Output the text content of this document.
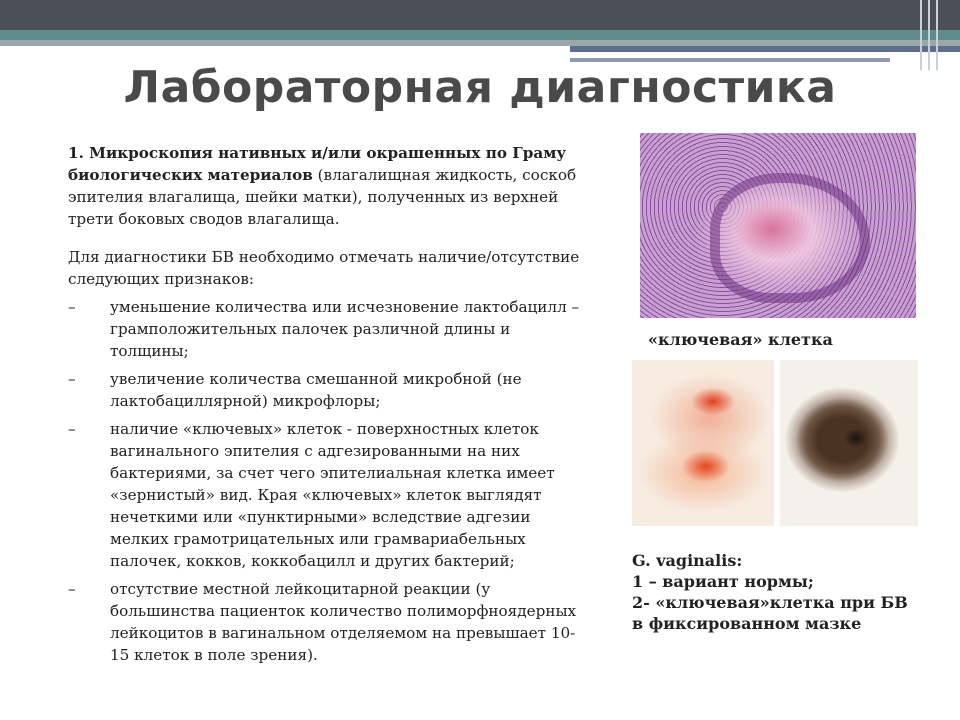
Лабораторная диагностика

1. Микроскопия нативных и/или окрашенных по Граму биологических материалов (влагалищная жидкость, соскоб эпителия влагалища, шейки матки), полученных из верхней трети боковых сводов влагалища.

Для диагностики БВ необходимо отмечать наличие/отсутствие следующих признаков:

–	уменьшение количества или исчезновение лактобацилл – грамположительных палочек различной длины и толщины;

–	увеличение количества смешанной микробной (не лактобациллярной) микрофлоры;

–	наличие «ключевых» клеток - поверхностных клеток вагинального эпителия с адгезированными на них бактериями, за счет чего эпителиальная клетка имеет «зернистый» вид. Края «ключевых» клеток выглядят нечеткими или «пунктирными» вследствие адгезии мелких грамотрицательных или грамвариабельных палочек, кокков, коккобацилл и других бактерий;

–	отсутствие местной лейкоцитарной реакции (у большинства пациенток количество полиморфноядерных лейкоцитов в вагинальном отделяемом на превышает 10-15 клеток в поле зрения).

«ключевая» клетка
G. vaginalis:
1 – вариант нормы;
2- «ключевая»клетка при БВ
в фиксированном мазке
